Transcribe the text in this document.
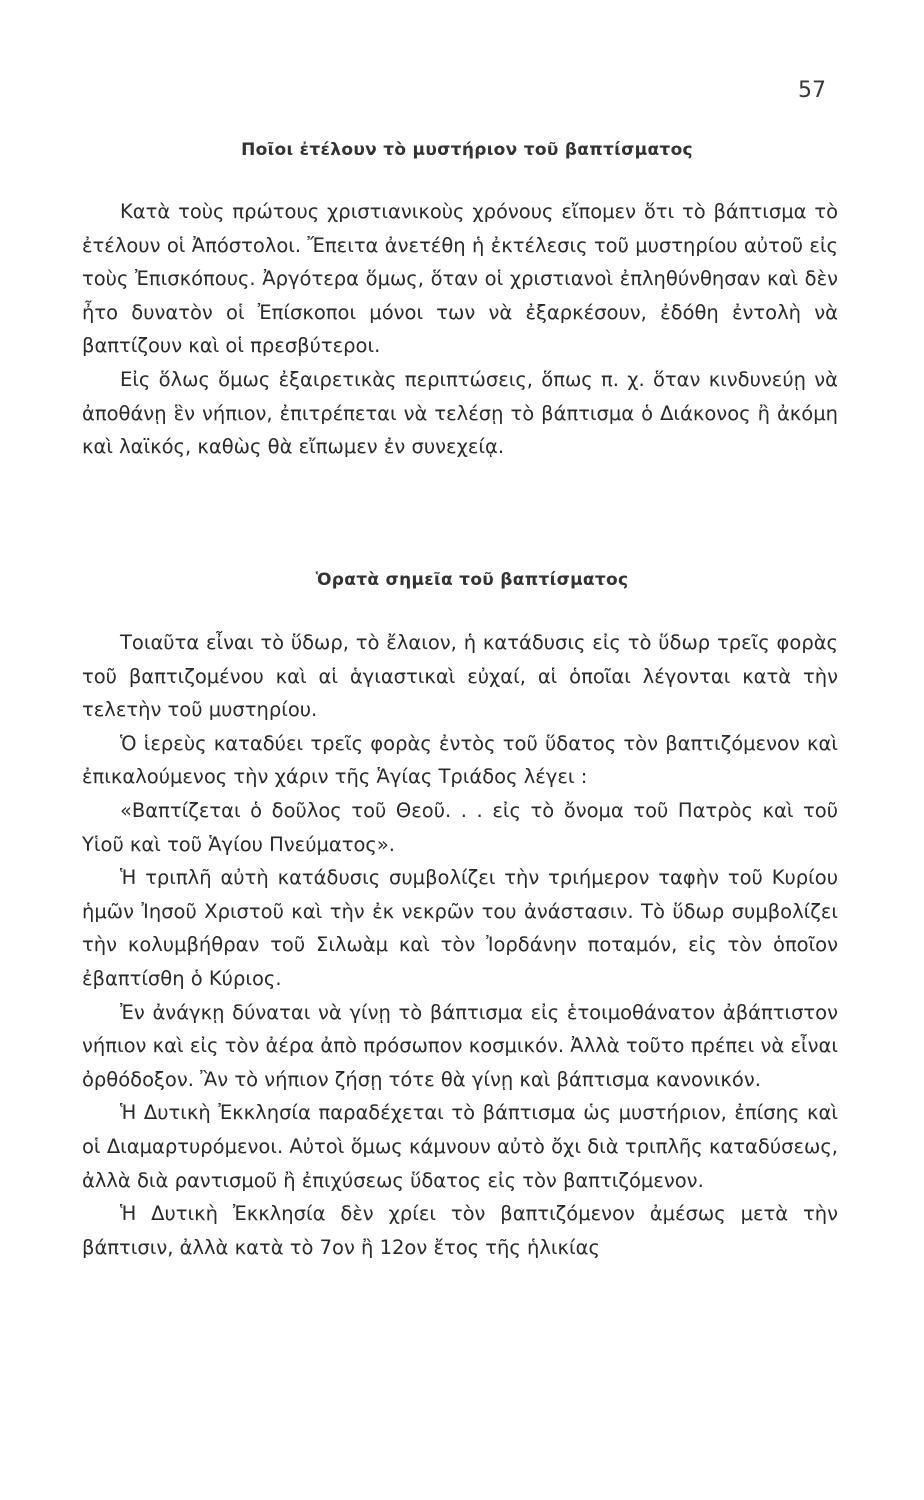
57
Ποῖοι ἐτέλουν τὸ μυστήριον τοῦ βαπτίσματος

Κατὰ τοὺς πρώτους χριστιανικοὺς χρόνους εἴπομεν ὅτι τὸ βάπτισμα τὸ ἐτέλουν οἱ Ἀπόστολοι. Ἔπειτα ἀνετέθη ἡ ἐκτέλεσις τοῦ μυστηρίου αὐτοῦ εἰς τοὺς Ἐπισκόπους. Ἀργότερα ὅμως, ὅταν οἱ χριστιανοὶ ἐπληθύνθησαν καὶ δὲν ἦτο δυνατὸν οἱ Ἐπίσκοποι μόνοι των νὰ ἐξαρκέσουν, ἐδόθη ἐντολὴ νὰ βαπτίζουν καὶ οἱ πρεσβύτεροι.

Εἰς ὅλως ὅμως ἐξαιρετικὰς περιπτώσεις, ὅπως π. χ. ὅταν κινδυνεύῃ νὰ ἀποθάνῃ ἓν νήπιον, ἐπιτρέπεται νὰ τελέσῃ τὸ βάπτισμα ὁ Διάκονος ἢ ἀκόμη καὶ λαϊκός, καθὼς θὰ εἴπωμεν ἐν συνεχείᾳ.

Ὁρατὰ σημεῖα τοῦ βαπτίσματος

Τοιαῦτα εἶναι τὸ ὕδωρ, τὸ ἔλαιον, ἡ κατάδυσις εἰς τὸ ὕδωρ τρεῖς φορὰς τοῦ βαπτιζομένου καὶ αἱ ἁγιαστικαὶ εὐχαί, αἱ ὁποῖαι λέγονται κατὰ τὴν τελετὴν τοῦ μυστηρίου.

Ὁ ἱερεὺς καταδύει τρεῖς φορὰς ἐντὸς τοῦ ὕδατος τὸν βαπτιζόμενον καὶ ἐπικαλούμενος τὴν χάριν τῆς Ἁγίας Τριάδος λέγει :

«Βαπτίζεται ὁ δοῦλος τοῦ Θεοῦ. . . εἰς τὸ ὄνομα τοῦ Πατρὸς καὶ τοῦ Υἱοῦ καὶ τοῦ Ἁγίου Πνεύματος».

Ἡ τριπλῆ αὐτὴ κατάδυσις συμβολίζει τὴν τριήμερον ταφὴν τοῦ Κυρίου ἡμῶν Ἰησοῦ Χριστοῦ καὶ τὴν ἐκ νεκρῶν του ἀνάστασιν. Τὸ ὕδωρ συμβολίζει τὴν κολυμβήθραν τοῦ Σιλωὰμ καὶ τὸν Ἰορδάνην ποταμόν, εἰς τὸν ὁποῖον ἐβαπτίσθη ὁ Κύριος.

Ἐν ἀνάγκῃ δύναται νὰ γίνῃ τὸ βάπτισμα εἰς ἑτοιμοθάνατον ἀβάπτιστον νήπιον καὶ εἰς τὸν ἀέρα ἀπὸ πρόσωπον κοσμικόν. Ἀλλὰ τοῦτο πρέπει νὰ εἶναι ὀρθόδοξον. Ἂν τὸ νήπιον ζήσῃ τότε θὰ γίνῃ καὶ βάπτισμα κανονικόν.

Ἡ Δυτικὴ Ἐκκλησία παραδέχεται τὸ βάπτισμα ὡς μυστήριον, ἐπίσης καὶ οἱ Διαμαρτυρόμενοι. Αὐτοὶ ὅμως κάμνουν αὐτὸ ὄχι διὰ τριπλῆς καταδύσεως, ἀλλὰ διὰ ραντισμοῦ ἢ ἐπιχύσεως ὕδατος εἰς τὸν βαπτιζόμενον.

Ἡ Δυτικὴ Ἐκκλησία δὲν χρίει τὸν βαπτιζόμενον ἀμέσως μετὰ τὴν βάπτισιν, ἀλλὰ κατὰ τὸ 7ον ἢ 12ον ἔτος τῆς ἡλικίας
